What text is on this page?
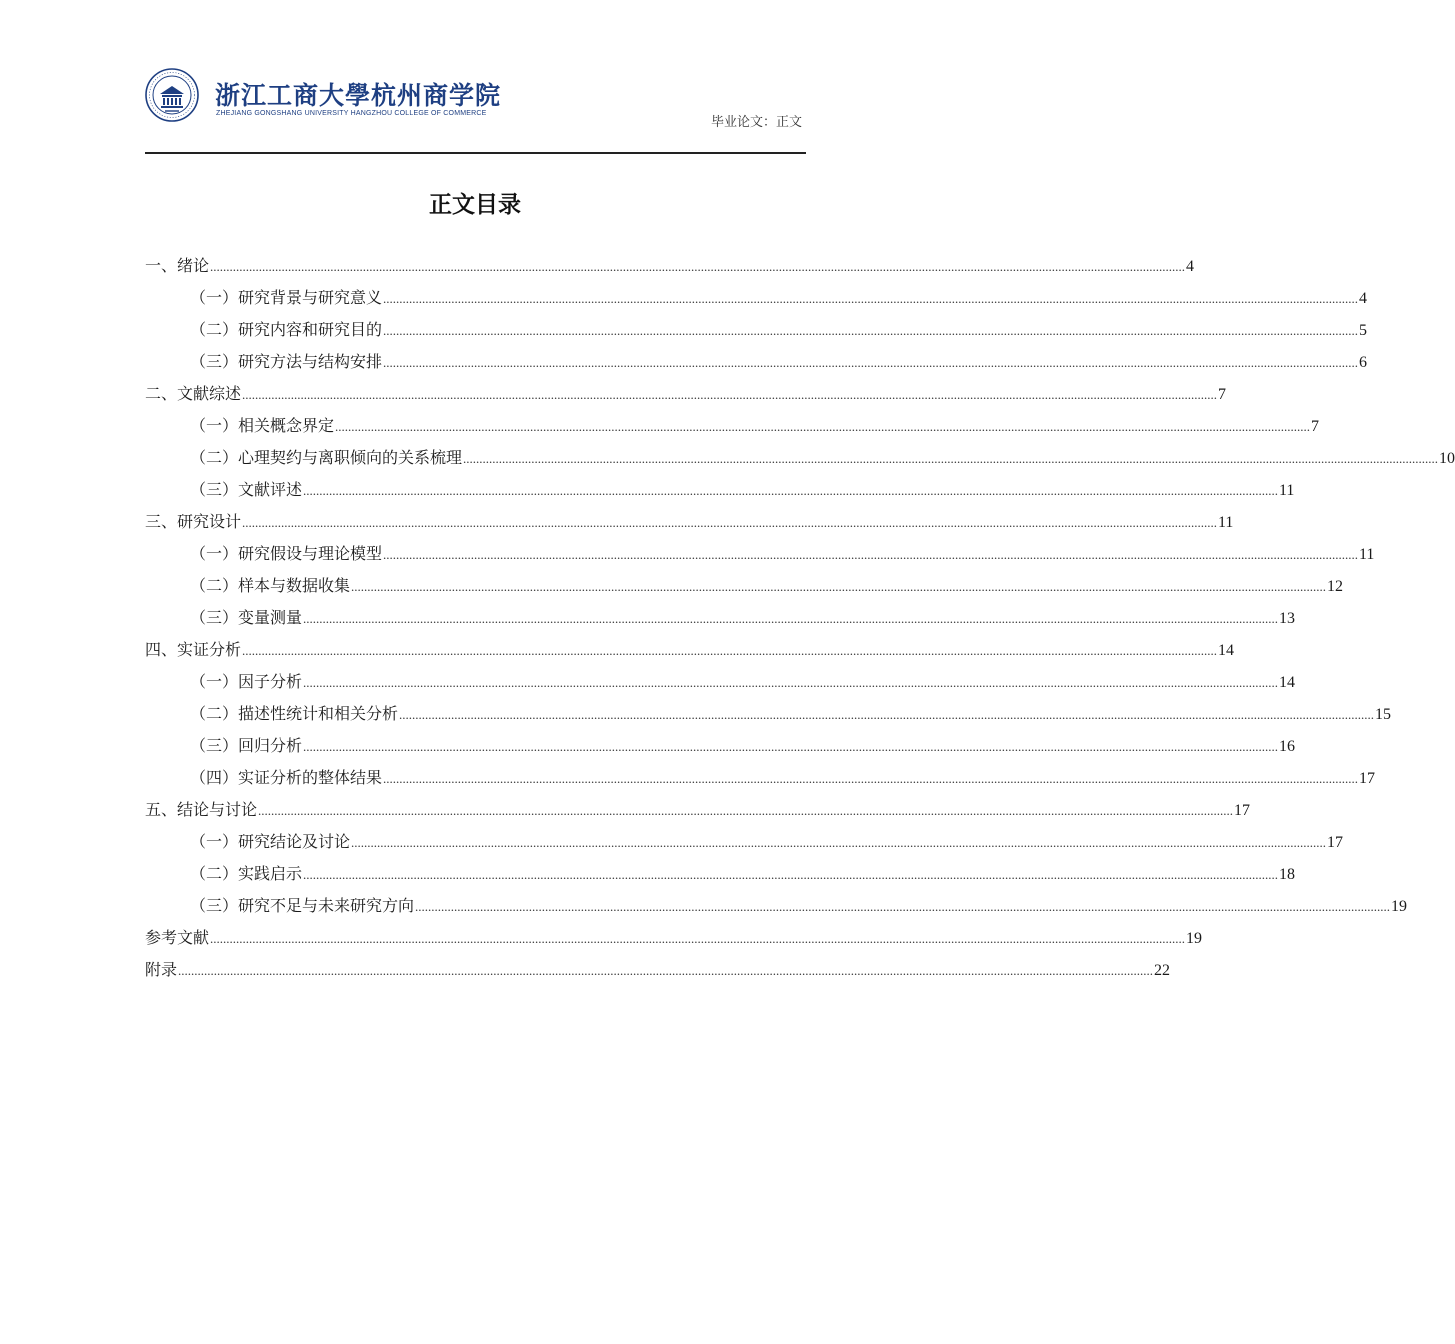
浙江工商大學杭州商学院
ZHEJIANG GONGSHANG UNIVERSITY HANGZHOU COLLEGE OF COMMERCE
毕业论文：正文
正文目录
一、绪论 ............................................................................................................................................................................................................................................................................................................ 4
（一）研究背景与研究意义 ............................................................................................................................................................................................................................................................................................................ 4
（二）研究内容和研究目的 ............................................................................................................................................................................................................................................................................................................ 5
（三）研究方法与结构安排 ............................................................................................................................................................................................................................................................................................................ 6
二、文献综述 ............................................................................................................................................................................................................................................................................................................ 7
（一）相关概念界定 ............................................................................................................................................................................................................................................................................................................ 7
（二）心理契约与离职倾向的关系梳理 ............................................................................................................................................................................................................................................................................................................ 10
（三）文献评述 ............................................................................................................................................................................................................................................................................................................ 11
三、研究设计 ............................................................................................................................................................................................................................................................................................................ 11
（一）研究假设与理论模型 ............................................................................................................................................................................................................................................................................................................ 11
（二）样本与数据收集 ............................................................................................................................................................................................................................................................................................................ 12
（三）变量测量 ............................................................................................................................................................................................................................................................................................................ 13
四、实证分析 ............................................................................................................................................................................................................................................................................................................ 14
（一）因子分析 ............................................................................................................................................................................................................................................................................................................ 14
（二）描述性统计和相关分析 ............................................................................................................................................................................................................................................................................................................ 15
（三）回归分析 ............................................................................................................................................................................................................................................................................................................ 16
（四）实证分析的整体结果 ............................................................................................................................................................................................................................................................................................................ 17
五、结论与讨论 ............................................................................................................................................................................................................................................................................................................ 17
（一）研究结论及讨论 ............................................................................................................................................................................................................................................................................................................ 17
（二）实践启示 ............................................................................................................................................................................................................................................................................................................ 18
（三）研究不足与未来研究方向 ............................................................................................................................................................................................................................................................................................................ 19
参考文献 ............................................................................................................................................................................................................................................................................................................ 19
附录 ............................................................................................................................................................................................................................................................................................................ 22
